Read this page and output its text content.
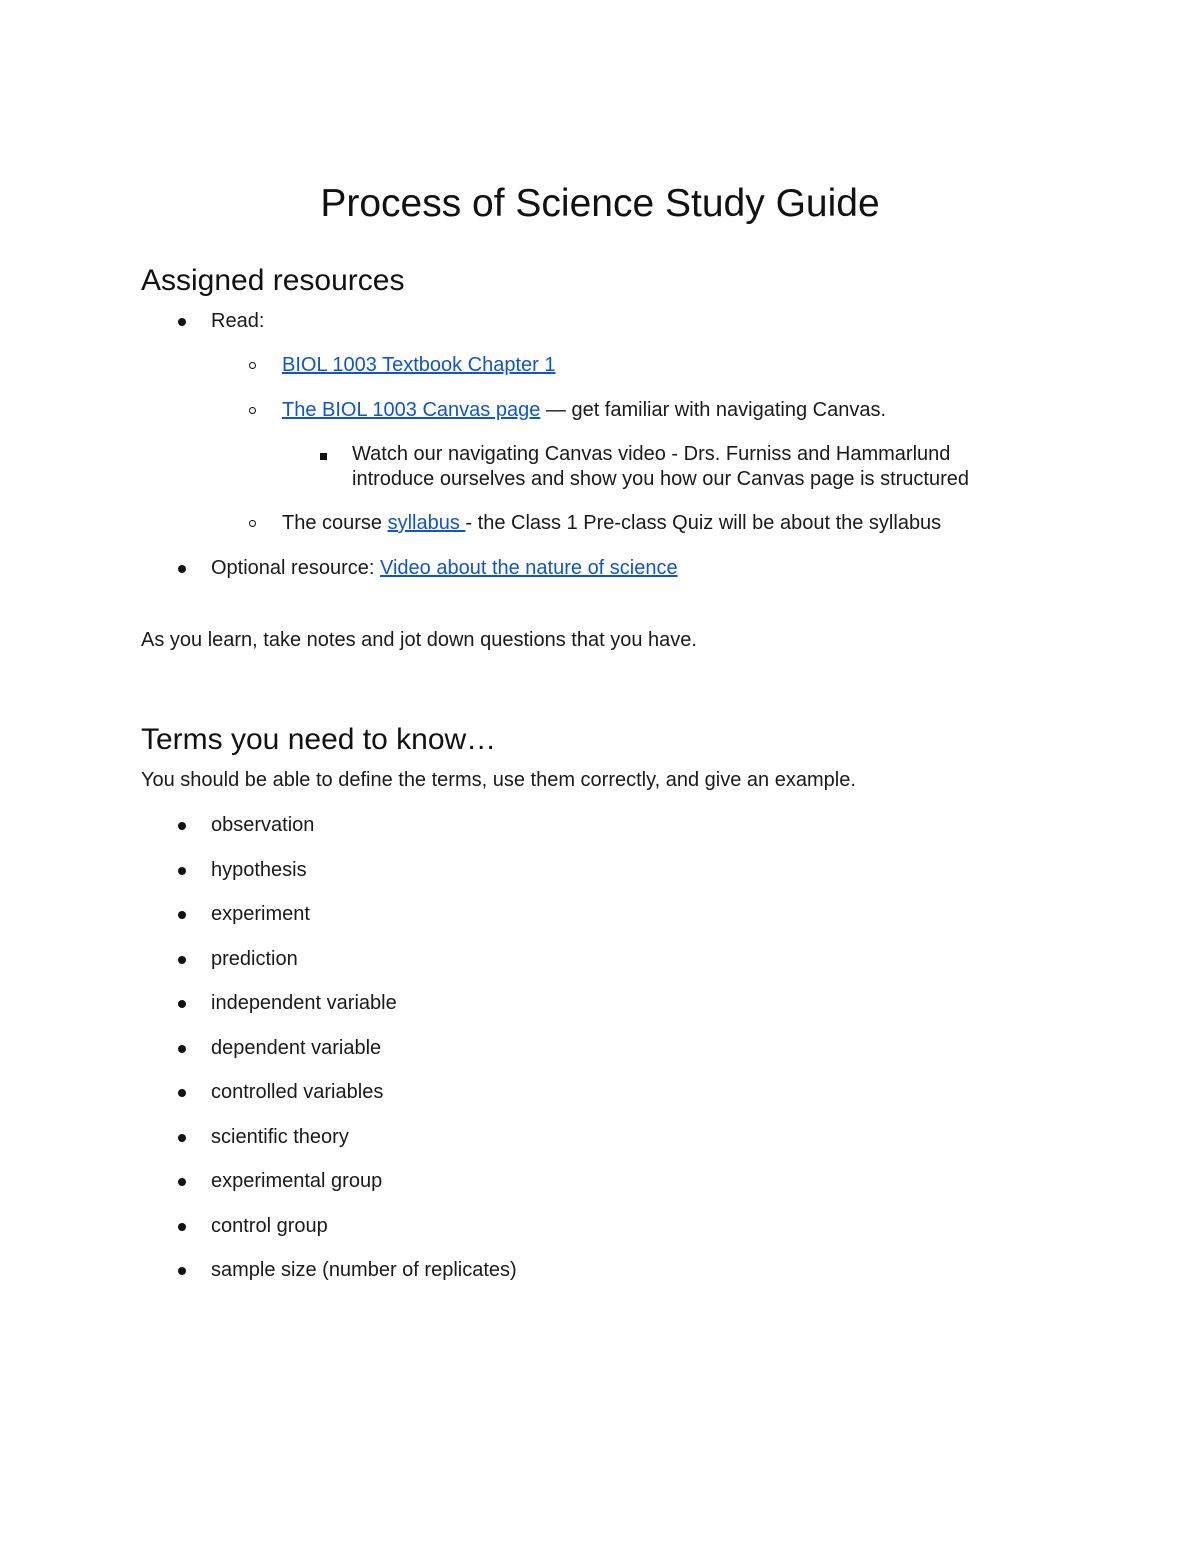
Process of Science Study Guide
Assigned resources
Read:
BIOL 1003 Textbook Chapter 1
The BIOL 1003 Canvas page — get familiar with navigating Canvas.
Watch our navigating Canvas video - Drs. Furniss and Hammarlund
introduce ourselves and show you how our Canvas page is structured
The course syllabus - the Class 1 Pre-class Quiz will be about the syllabus
Optional resource: Video about the nature of science
As you learn, take notes and jot down questions that you have.
Terms you need to know…
You should be able to define the terms, use them correctly, and give an example.
observation
hypothesis
experiment
prediction
independent variable
dependent variable
controlled variables
scientific theory
experimental group
control group
sample size (number of replicates)
